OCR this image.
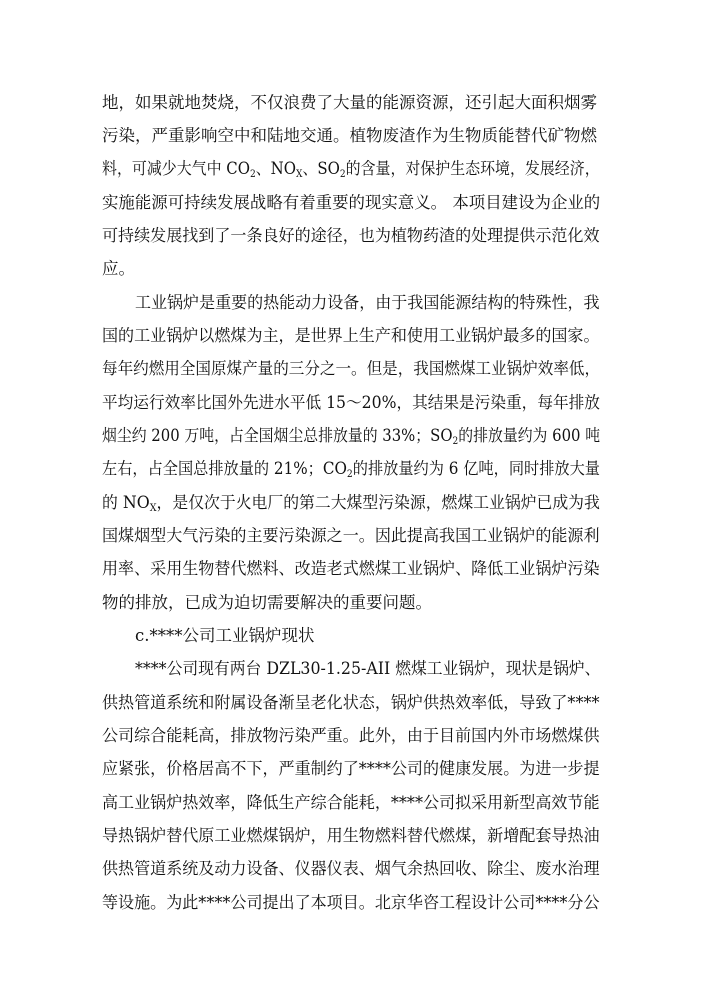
地，如果就地焚烧，不仅浪费了大量的能源资源，还引起大面积烟雾
污染，严重影响空中和陆地交通。植物废渣作为生物质能替代矿物燃
料，可减少大气中 $CO_2$、$NO_X$、$SO_2$的含量，对保护生态环境，发展经济，
实施能源可持续发展战略有着重要的现实意义。 本项目建设为企业的
可持续发展找到了一条良好的途径，也为植物药渣的处理提供示范化效
应。
工业锅炉是重要的热能动力设备，由于我国能源结构的特殊性，我
国的工业锅炉以燃煤为主，是世界上生产和使用工业锅炉最多的国家。
每年约燃用全国原煤产量的三分之一。但是，我国燃煤工业锅炉效率低，
平均运行效率比国外先进水平低 15～20%，其结果是污染重，每年排放
烟尘约 200 万吨，占全国烟尘总排放量的 33%；$SO_2$的排放量约为 600 吨
左右，占全国总排放量的 21%；$CO_2$的排放量约为 6 亿吨，同时排放大量
的 $NO_X$，是仅次于火电厂的第二大煤型污染源，燃煤工业锅炉已成为我
国煤烟型大气污染的主要污染源之一。因此提高我国工业锅炉的能源利
用率、采用生物替代燃料、改造老式燃煤工业锅炉、降低工业锅炉污染
物的排放，已成为迫切需要解决的重要问题。
c.****公司工业锅炉现状
****公司现有两台 DZL30-1.25-AII 燃煤工业锅炉，现状是锅炉、
供热管道系统和附属设备渐呈老化状态，锅炉供热效率低，导致了****
公司综合能耗高，排放物污染严重。此外，由于目前国内外市场燃煤供
应紧张，价格居高不下，严重制约了****公司的健康发展。为进一步提
高工业锅炉热效率，降低生产综合能耗，****公司拟采用新型高效节能
导热锅炉替代原工业燃煤锅炉，用生物燃料替代燃煤，新增配套导热油
供热管道系统及动力设备、仪器仪表、烟气余热回收、除尘、废水治理
等设施。为此****公司提出了本项目。北京华咨工程设计公司****分公
